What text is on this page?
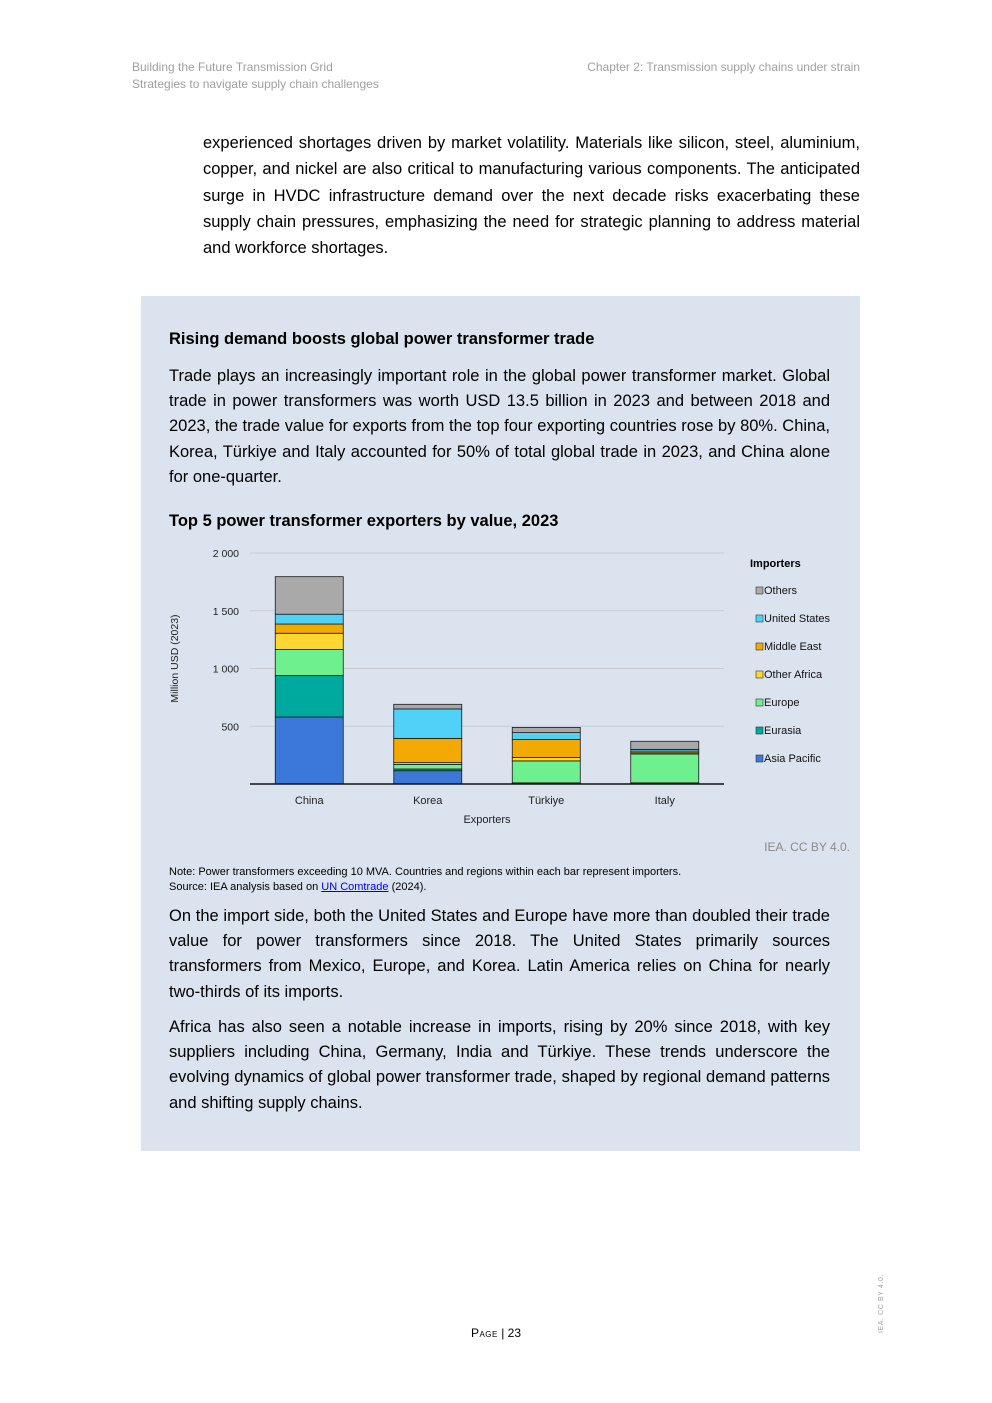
Building the Future Transmission Grid
Strategies to navigate supply chain challenges
Chapter 2: Transmission supply chains under strain

experienced shortages driven by market volatility. Materials like silicon, steel, aluminium, copper, and nickel are also critical to manufacturing various components. The anticipated surge in HVDC infrastructure demand over the next decade risks exacerbating these supply chain pressures, emphasizing the need for strategic planning to address material and workforce shortages.

Rising demand boosts global power transformer trade

Trade plays an increasingly important role in the global power transformer market. Global trade in power transformers was worth USD 13.5 billion in 2023 and between 2018 and 2023, the trade value for exports from the top four exporting countries rose by 80%. China, Korea, Türkiye and Italy accounted for 50% of total global trade in 2023, and China alone for one-quarter.

Top 5 power transformer exporters by value, 2023

500
1 000
1 500
2 000
China	Korea	Türkiye	Italy
Million USD (2023)
Exporters
Importers
Others
United States
Middle East
Other Africa
Europe
Eurasia
Asia Pacific
IEA. CC BY 4.0.
Note: Power transformers exceeding 10 MVA. Countries and regions within each bar represent importers.
Source: IEA analysis based on UN Comtrade (2024).

On the import side, both the United States and Europe have more than doubled their trade value for power transformers since 2018. The United States primarily sources transformers from Mexico, Europe, and Korea. Latin America relies on China for nearly two-thirds of its imports.

Africa has also seen a notable increase in imports, rising by 20% since 2018, with key suppliers including China, Germany, India and Türkiye. These trends underscore the evolving dynamics of global power transformer trade, shaped by regional demand patterns and shifting supply chains.

Page | 23	IEA. CC BY 4.0.
